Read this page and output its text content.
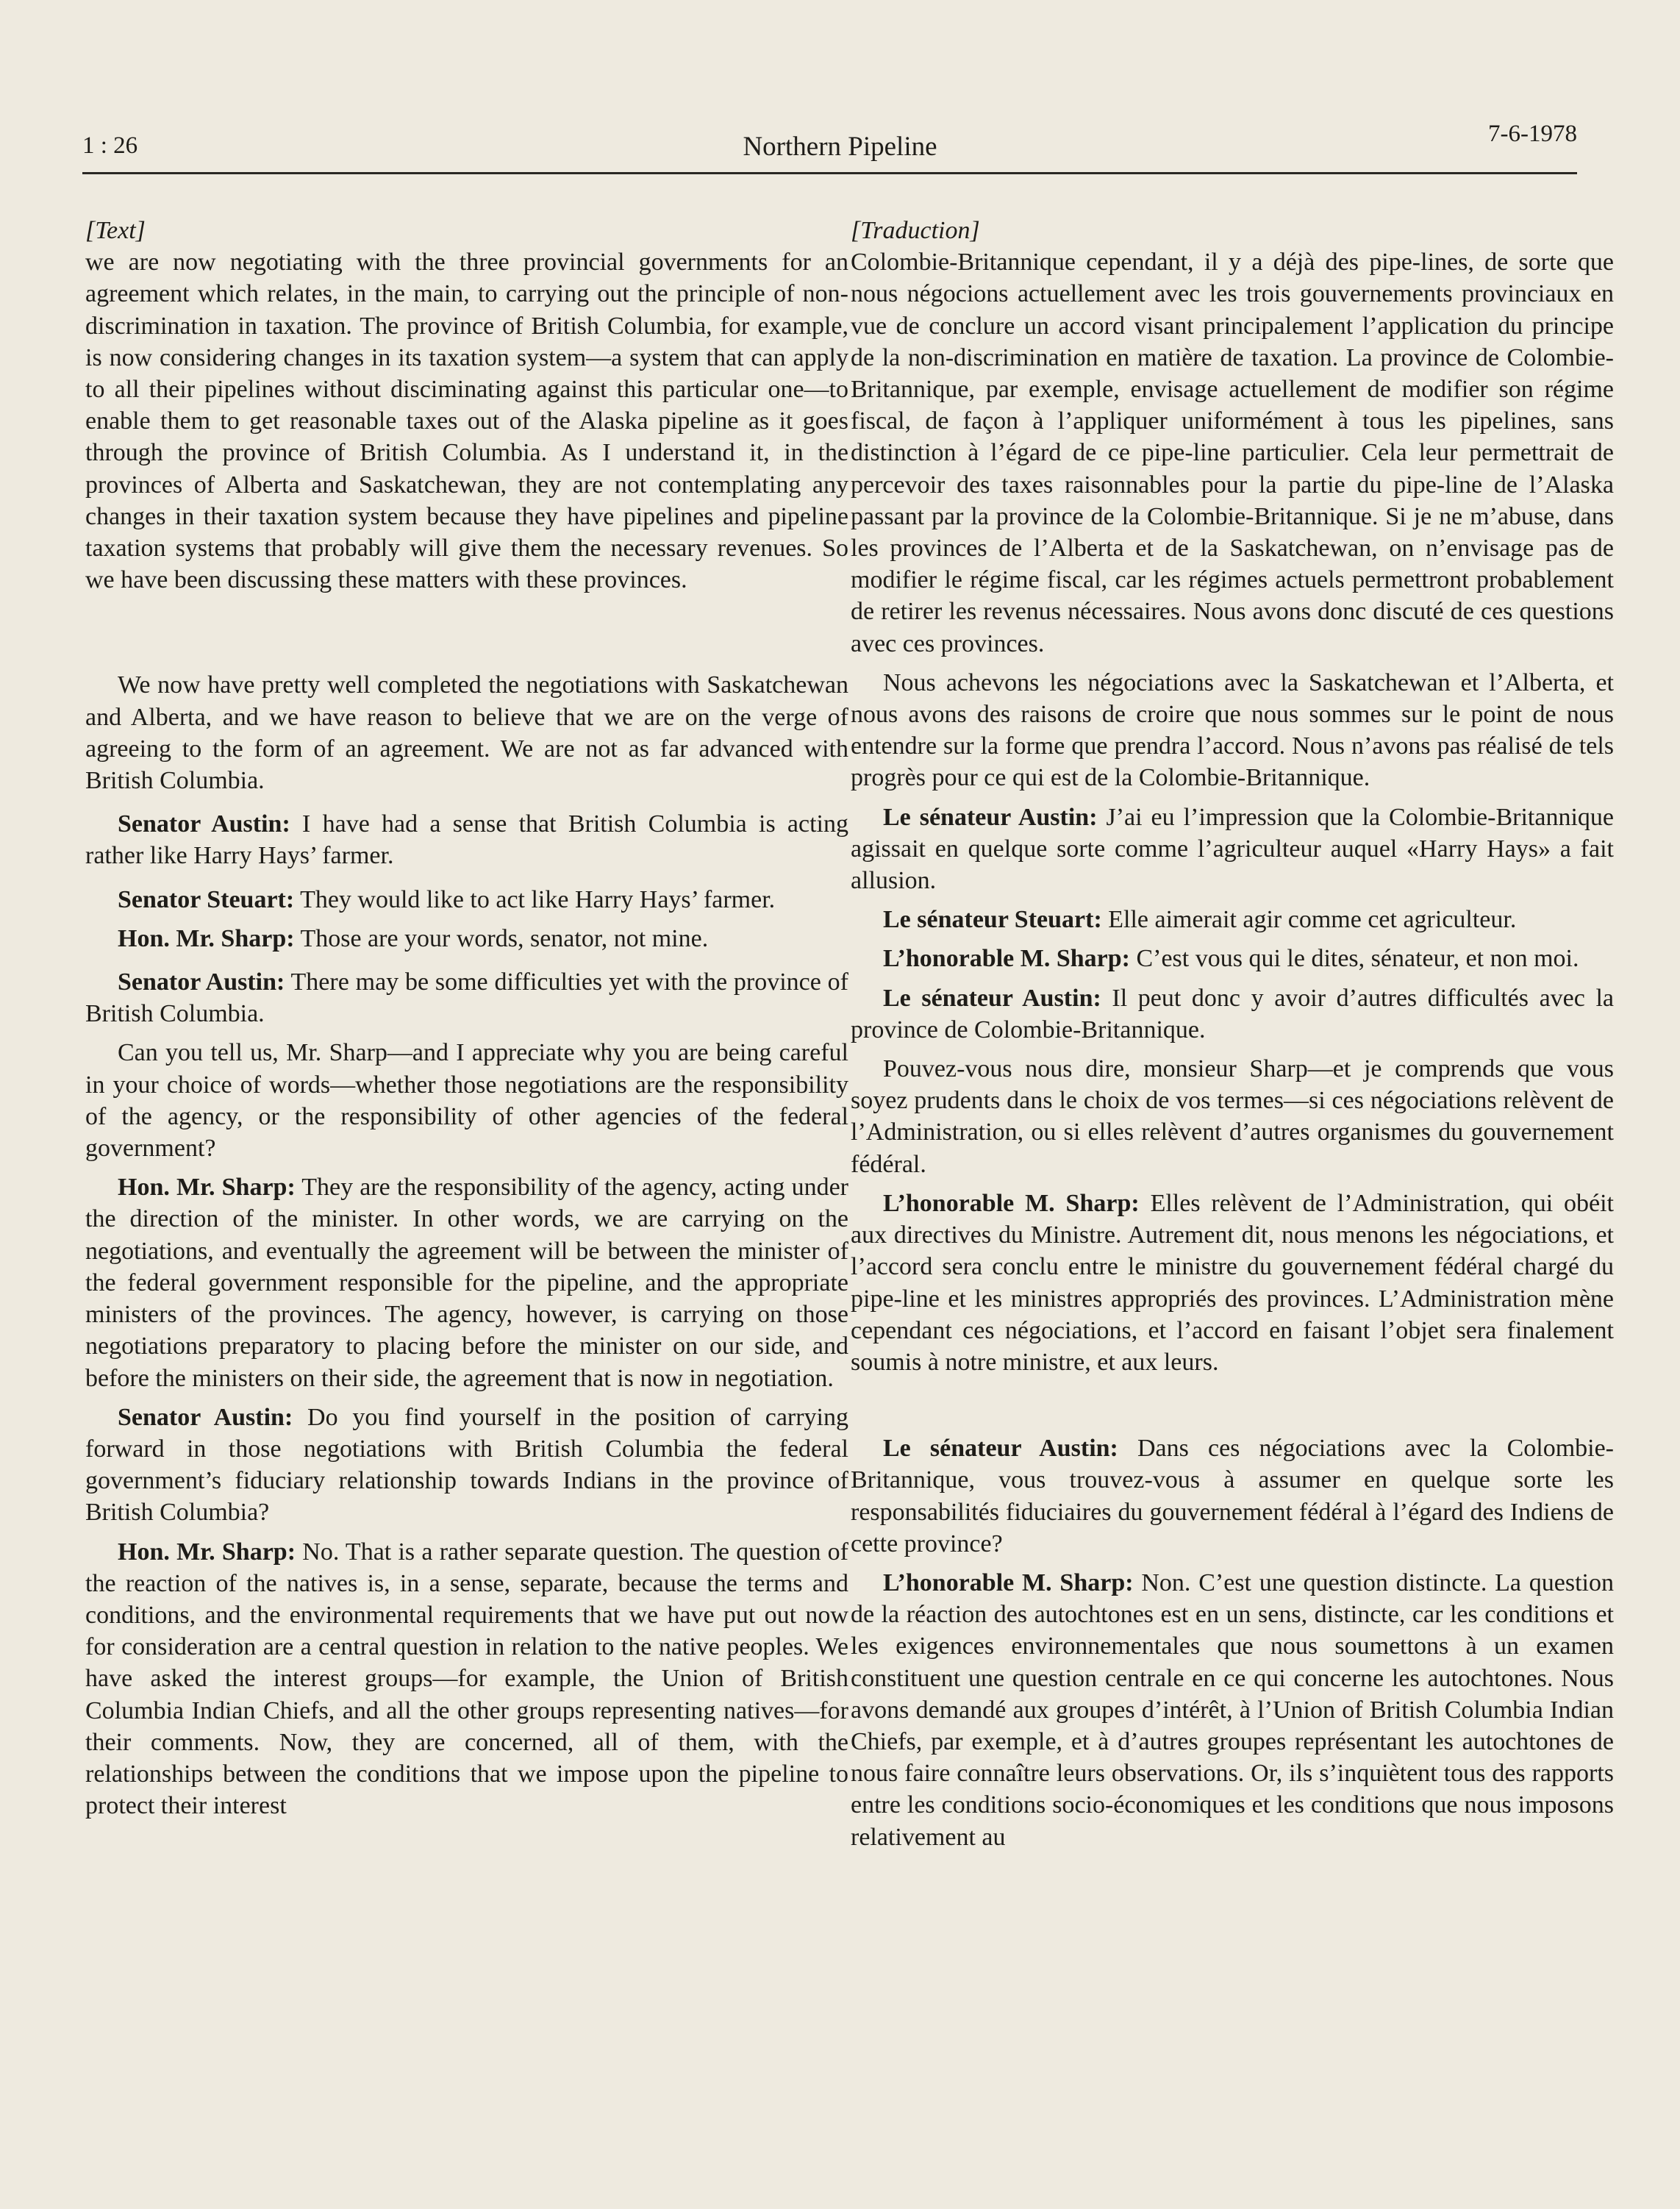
1 : 26	Northern Pipeline	7-6-1978

[Text]

we are now negotiating with the three provincial governments for an agreement which relates, in the main, to carrying out the principle of non-discrimination in taxation. The province of British Columbia, for example, is now considering changes in its taxation system—a system that can apply to all their pipelines without disciminating against this particular one—to enable them to get reasonable taxes out of the Alaska pipeline as it goes through the province of British Columbia. As I understand it, in the provinces of Alberta and Saskatchewan, they are not contemplating any changes in their taxation system because they have pipelines and pipeline taxation systems that probably will give them the necessary revenues. So we have been discussing these matters with these provinces.

We now have pretty well completed the negotiations with Saskatchewan and Alberta, and we have reason to believe that we are on the verge of agreeing to the form of an agreement. We are not as far advanced with British Columbia.

Senator Austin: I have had a sense that British Columbia is acting rather like Harry Hays’ farmer.

Senator Steuart: They would like to act like Harry Hays’ farmer.

Hon. Mr. Sharp: Those are your words, senator, not mine.

Senator Austin: There may be some difficulties yet with the province of British Columbia.

Can you tell us, Mr. Sharp—and I appreciate why you are being careful in your choice of words—whether those negotiations are the responsibility of the agency, or the responsibility of other agencies of the federal government?

Hon. Mr. Sharp: They are the responsibility of the agency, acting under the direction of the minister. In other words, we are carrying on the negotiations, and eventually the agreement will be between the minister of the federal government responsible for the pipeline, and the appropriate ministers of the provinces. The agency, however, is carrying on those negotiations preparatory to placing before the minister on our side, and before the ministers on their side, the agreement that is now in negotiation.

Senator Austin: Do you find yourself in the position of carrying forward in those negotiations with British Columbia the federal government’s fiduciary relationship towards Indians in the province of British Columbia?

Hon. Mr. Sharp: No. That is a rather separate question. The question of the reaction of the natives is, in a sense, separate, because the terms and conditions, and the environmental requirements that we have put out now for consideration are a central question in relation to the native peoples. We have asked the interest groups—for example, the Union of British Columbia Indian Chiefs, and all the other groups representing natives—for their comments. Now, they are concerned, all of them, with the relationships between the conditions that we impose upon the pipeline to protect their interest

[Traduction]

Colombie-Britannique cependant, il y a déjà des pipe-lines, de sorte que nous négocions actuellement avec les trois gouvernements provinciaux en vue de conclure un accord visant principalement l’application du principe de la non-discrimination en matière de taxation. La province de Colombie-Britannique, par exemple, envisage actuellement de modifier son régime fiscal, de façon à l’appliquer uniformément à tous les pipelines, sans distinction à l’égard de ce pipe-line particulier. Cela leur permettrait de percevoir des taxes raisonnables pour la partie du pipe-line de l’Alaska passant par la province de la Colombie-Britannique. Si je ne m’abuse, dans les provinces de l’Alberta et de la Saskatchewan, on n’envisage pas de modifier le régime fiscal, car les régimes actuels permettront probablement de retirer les revenus nécessaires. Nous avons donc discuté de ces questions avec ces provinces.

Nous achevons les négociations avec la Saskatchewan et l’Alberta, et nous avons des raisons de croire que nous sommes sur le point de nous entendre sur la forme que prendra l’accord. Nous n’avons pas réalisé de tels progrès pour ce qui est de la Colombie-Britannique.

Le sénateur Austin: J’ai eu l’impression que la Colombie-Britannique agissait en quelque sorte comme l’agriculteur auquel «Harry Hays» a fait allusion.

Le sénateur Steuart: Elle aimerait agir comme cet agriculteur.

L’honorable M. Sharp: C’est vous qui le dites, sénateur, et non moi.

Le sénateur Austin: Il peut donc y avoir d’autres difficultés avec la province de Colombie-Britannique.

Pouvez-vous nous dire, monsieur Sharp—et je comprends que vous soyez prudents dans le choix de vos termes—si ces négociations relèvent de l’Administration, ou si elles relèvent d’autres organismes du gouvernement fédéral.

L’honorable M. Sharp: Elles relèvent de l’Administration, qui obéit aux directives du Ministre. Autrement dit, nous menons les négociations, et l’accord sera conclu entre le ministre du gouvernement fédéral chargé du pipe-line et les ministres appropriés des provinces. L’Administration mène cependant ces négociations, et l’accord en faisant l’objet sera finalement soumis à notre ministre, et aux leurs.

Le sénateur Austin: Dans ces négociations avec la Colombie-Britannique, vous trouvez-vous à assumer en quelque sorte les responsabilités fiduciaires du gouvernement fédéral à l’égard des Indiens de cette province?

L’honorable M. Sharp: Non. C’est une question distincte. La question de la réaction des autochtones est en un sens, distincte, car les conditions et les exigences environnementales que nous soumettons à un examen constituent une question centrale en ce qui concerne les autochtones. Nous avons demandé aux groupes d’intérêt, à l’Union of British Columbia Indian Chiefs, par exemple, et à d’autres groupes représentant les autochtones de nous faire connaître leurs observations. Or, ils s’inquiètent tous des rapports entre les conditions socio-économiques et les conditions que nous imposons relativement au
